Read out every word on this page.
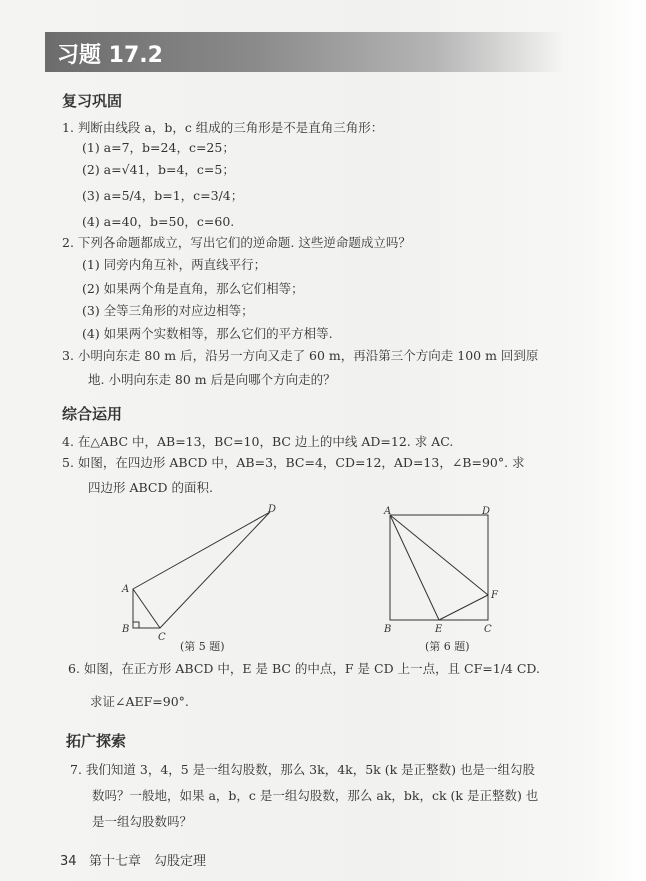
习题 17.2
复习巩固
1. 判断由线段 a，b，c 组成的三角形是不是直角三角形：
(1) a=7，b=24，c=25；
(2) a=√41，b=4，c=5；
(3) a=5/4，b=1，c=3/4；
(4) a=40，b=50，c=60.
2. 下列各命题都成立，写出它们的逆命题. 这些逆命题成立吗？
(1) 同旁内角互补，两直线平行；
(2) 如果两个角是直角，那么它们相等；
(3) 全等三角形的对应边相等；
(4) 如果两个实数相等，那么它们的平方相等.
3. 小明向东走 80 m 后，沿另一方向又走了 60 m，再沿第三个方向走 100 m 回到原
地. 小明向东走 80 m 后是向哪个方向走的？
综合运用
4. 在△ABC 中，AB=13，BC=10，BC 边上的中线 AD=12. 求 AC.
5. 如图，在四边形 ABCD 中，AB=3，BC=4，CD=12，AD=13，∠B=90°. 求
四边形 ABCD 的面积.
A
B
C
D	A
B	C
D
E
F
(第 5 题)	(第 6 题)
6. 如图，在正方形 ABCD 中，E 是 BC 的中点，F 是 CD 上一点，且 CF=1/4 CD.
求证∠AEF=90°.
拓广探索
7. 我们知道 3，4，5 是一组勾股数，那么 3k，4k，5k (k 是正整数) 也是一组勾股
数吗？一般地，如果 a，b，c 是一组勾股数，那么 ak，bk，ck (k 是正整数) 也
是一组勾股数吗？
34 第十七章　勾股定理
